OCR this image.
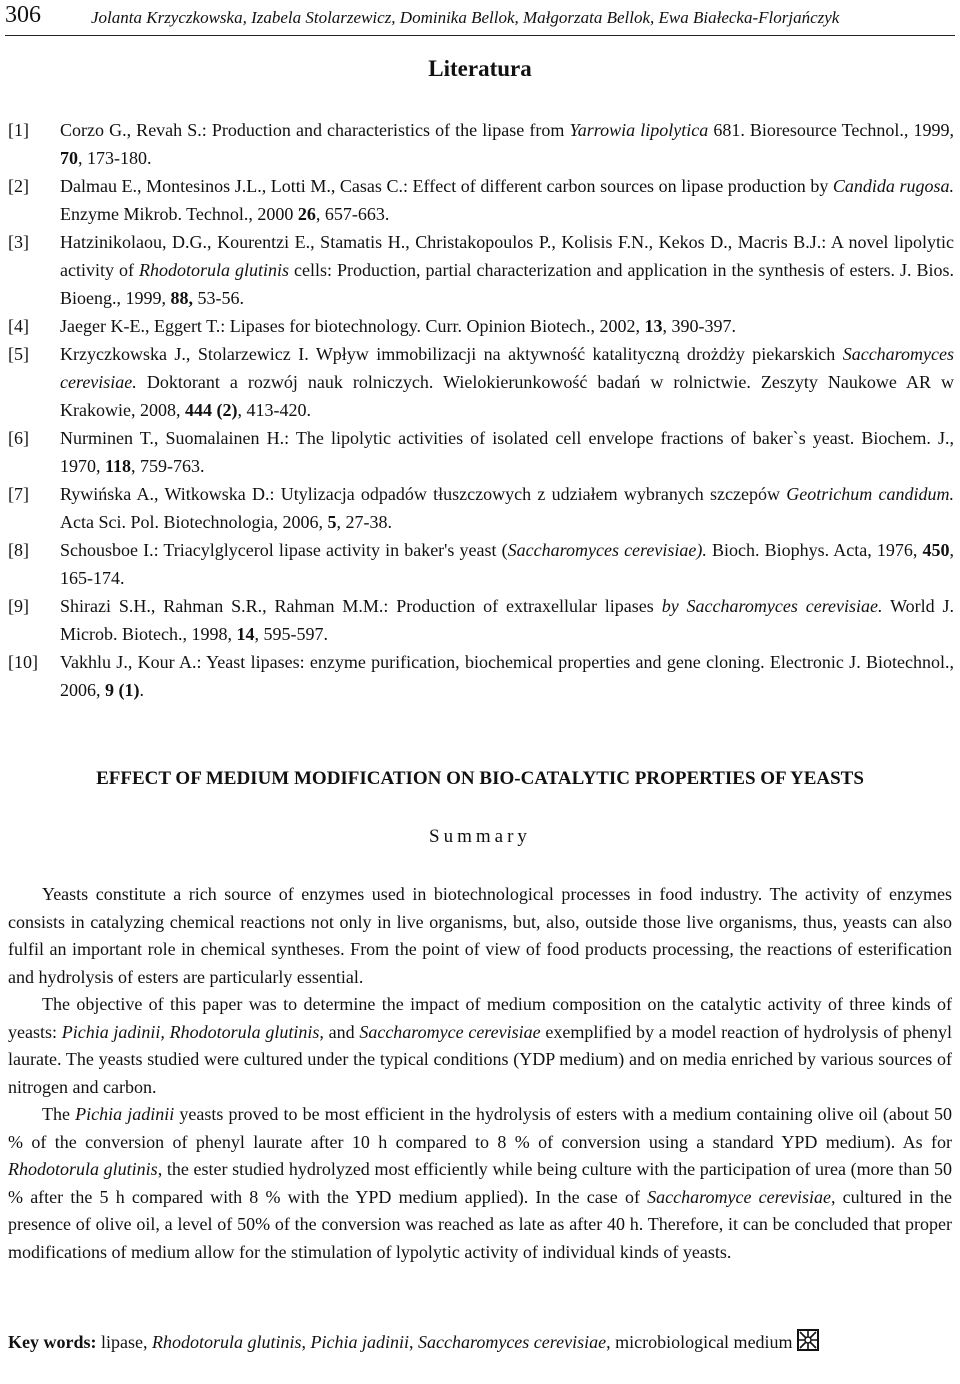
306	Jolanta Krzyczkowska, Izabela Stolarzewicz, Dominika Bellok, Małgorzata Bellok, Ewa Białecka-Florjańczyk
Literatura
[1] Corzo G., Revah S.: Production and characteristics of the lipase from Yarrowia lipolytica 681. Bioresource Technol., 1999, 70, 173-180.
[2] Dalmau E., Montesinos J.L., Lotti M., Casas C.: Effect of different carbon sources on lipase production by Candida rugosa. Enzyme Mikrob. Technol., 2000 26, 657-663.
[3] Hatzinikolaou, D.G., Kourentzi E., Stamatis H., Christakopoulos P., Kolisis F.N., Kekos D., Macris B.J.: A novel lipolytic activity of Rhodotorula glutinis cells: Production, partial characterization and application in the synthesis of esters. J. Bios. Bioeng., 1999, 88, 53-56.
[4] Jaeger K-E., Eggert T.: Lipases for biotechnology. Curr. Opinion Biotech., 2002, 13, 390-397.
[5] Krzyczkowska J., Stolarzewicz I. Wpływ immobilizacji na aktywność katalityczną drożdży piekarskich Saccharomyces cerevisiae. Doktorant a rozwój nauk rolniczych. Wielokierunkowość badań w rolnictwie. Zeszyty Naukowe AR w Krakowie, 2008, 444 (2), 413-420.
[6] Nurminen T., Suomalainen H.: The lipolytic activities of isolated cell envelope fractions of baker`s yeast. Biochem. J., 1970, 118, 759-763.
[7] Rywińska A., Witkowska D.: Utylizacja odpadów tłuszczowych z udziałem wybranych szczepów Geotrichum candidum. Acta Sci. Pol. Biotechnologia, 2006, 5, 27-38.
[8] Schousboe I.: Triacylglycerol lipase activity in baker's yeast (Saccharomyces cerevisiae). Bioch. Biophys. Acta, 1976, 450, 165-174.
[9] Shirazi S.H., Rahman S.R., Rahman M.M.: Production of extraxellular lipases by Saccharomyces cerevisiae. World J. Microb. Biotech., 1998, 14, 595-597.
[10] Vakhlu J., Kour A.: Yeast lipases: enzyme purification, biochemical properties and gene cloning. Electronic J. Biotechnol., 2006, 9 (1).
EFFECT OF MEDIUM MODIFICATION ON BIO-CATALYTIC PROPERTIES OF YEASTS
Summary

Yeasts constitute a rich source of enzymes used in biotechnological processes in food industry. The activity of enzymes consists in catalyzing chemical reactions not only in live organisms, but, also, outside those live organisms, thus, yeasts can also fulfil an important role in chemical syntheses. From the point of view of food products processing, the reactions of esterification and hydrolysis of esters are particularly essential.

The objective of this paper was to determine the impact of medium composition on the catalytic activity of three kinds of yeasts: Pichia jadinii, Rhodotorula glutinis, and Saccharomyce cerevisiae exemplified by a model reaction of hydrolysis of phenyl laurate. The yeasts studied were cultured under the typical conditions (YDP medium) and on media enriched by various sources of nitrogen and carbon.

The Pichia jadinii yeasts proved to be most efficient in the hydrolysis of esters with a medium containing olive oil (about 50 % of the conversion of phenyl laurate after 10 h compared to 8 % of conversion using a standard YPD medium). As for Rhodotorula glutinis, the ester studied hydrolyzed most efficiently while being culture with the participation of urea (more than 50 % after the 5 h compared with 8 % with the YPD medium applied). In the case of Saccharomyce cerevisiae, cultured in the presence of olive oil, a level of 50% of the conversion was reached as late as after 40 h. Therefore, it can be concluded that proper modifications of medium allow for the stimulation of lypolytic activity of individual kinds of yeasts.

Key words: lipase, Rhodotorula glutinis, Pichia jadinii, Saccharomyces cerevisiae, microbiological medium
